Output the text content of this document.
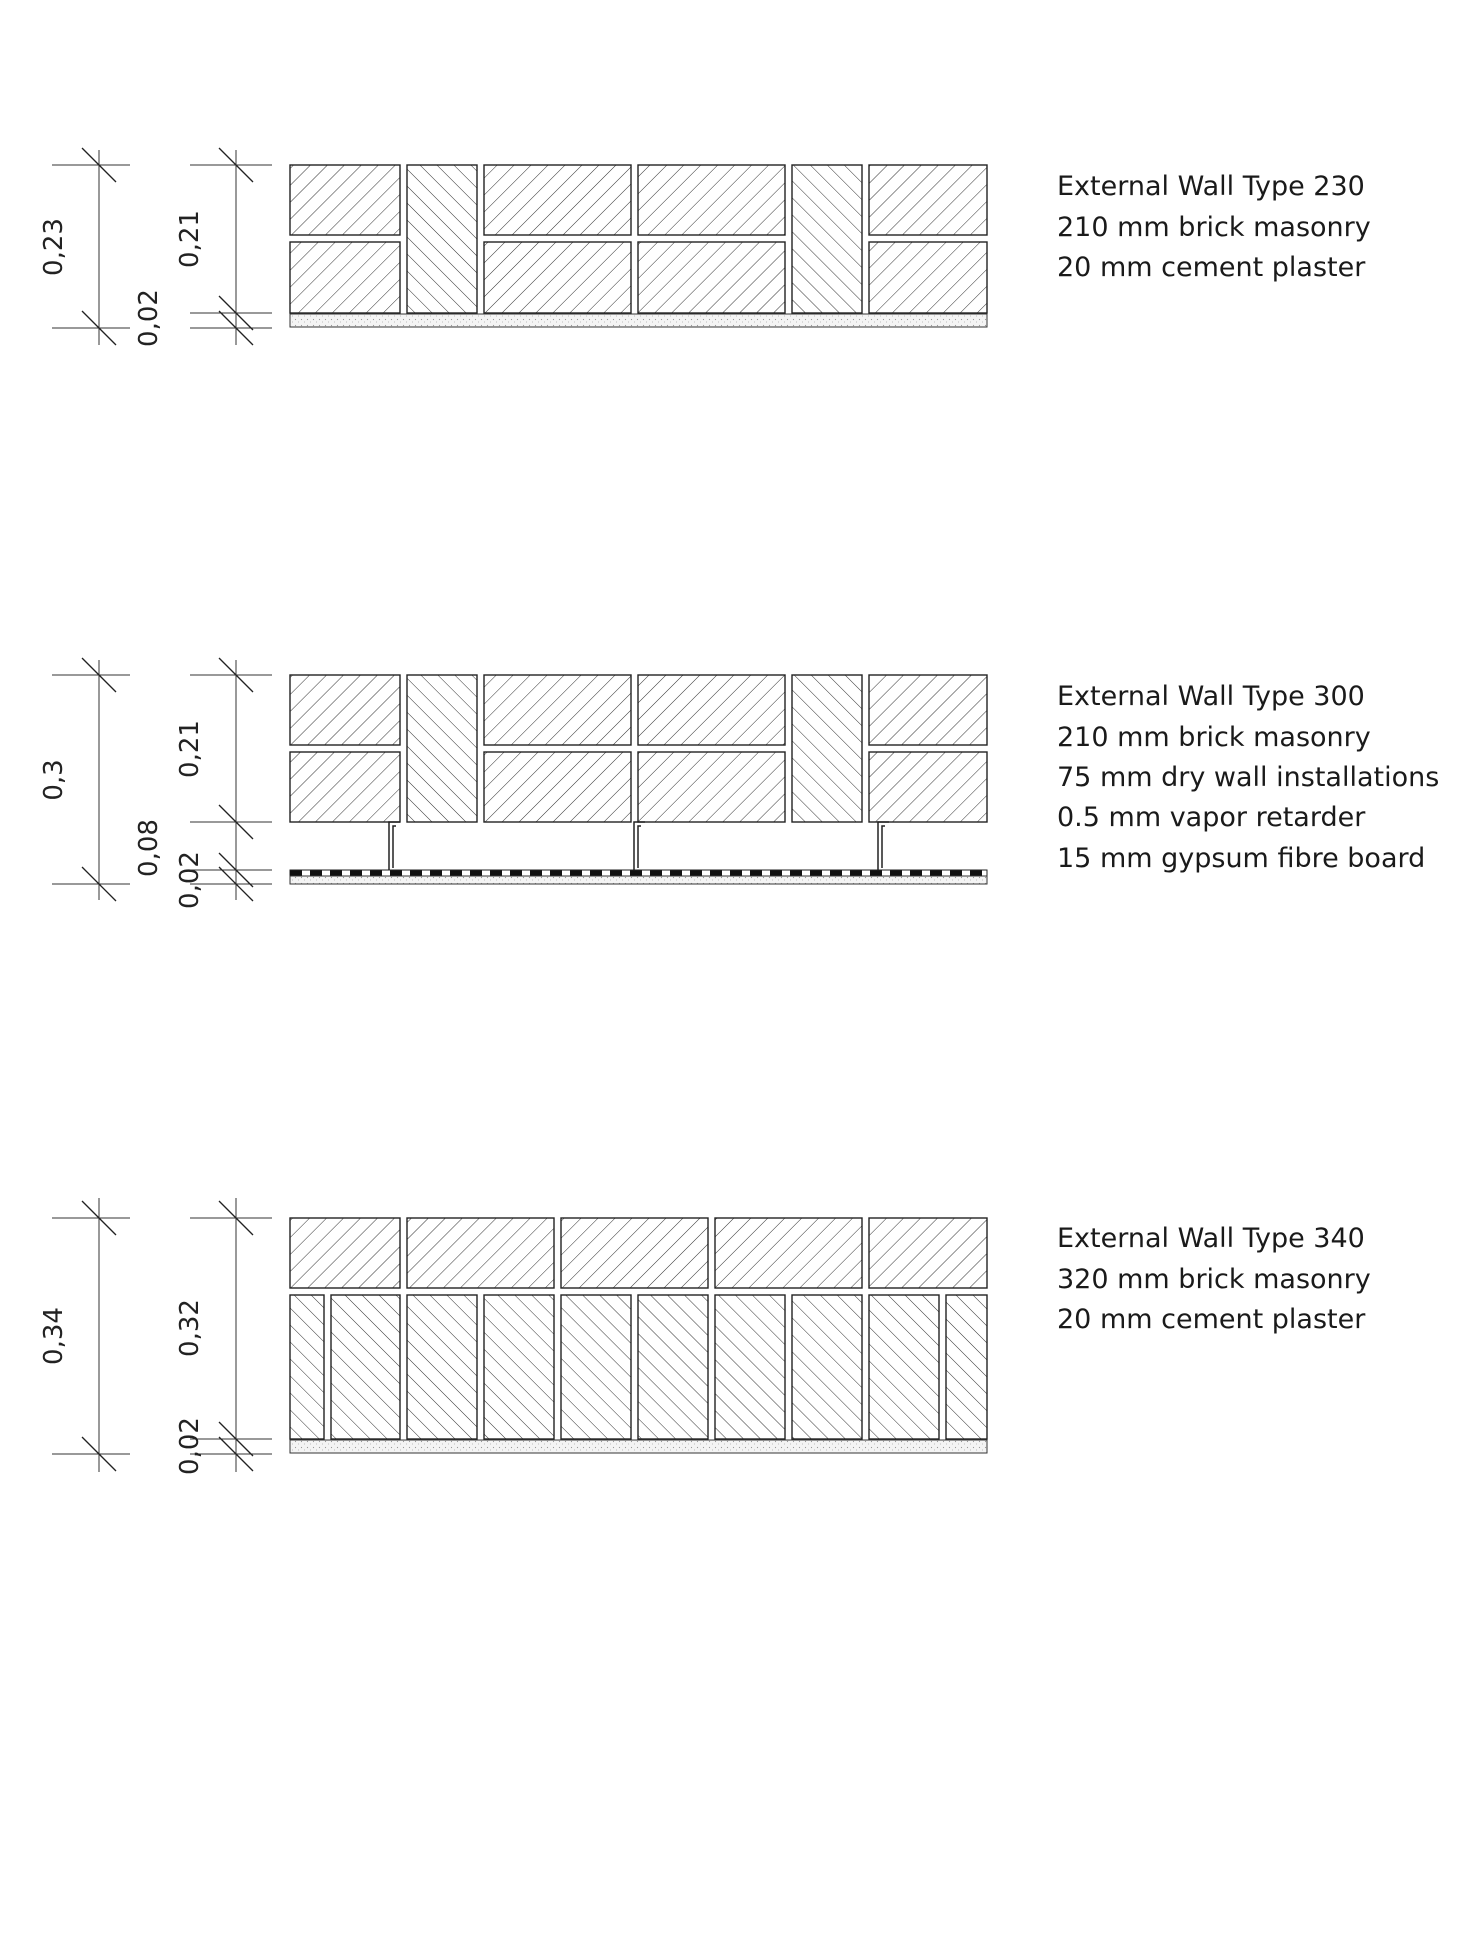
0,23
0,02
0,21
External Wall Type 230
210 mm brick masonry
20 mm cement plaster
0,3
0,08
0,02
0,21
External Wall Type 300
210 mm brick masonry
75 mm dry wall installations
0.5 mm vapor retarder
15 mm gypsum fibre board
0,34	0,32
0,02
External Wall Type 340
320 mm brick masonry
20 mm cement plaster
